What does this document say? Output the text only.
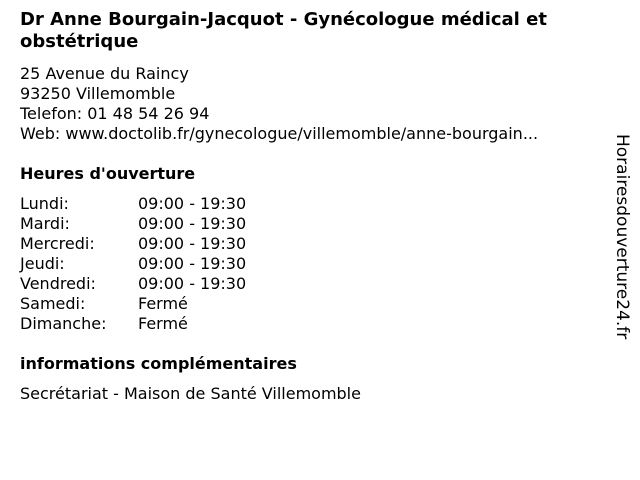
Dr Anne Bourgain-Jacquot - Gynécologue médical et obstétrique
25 Avenue du Raincy
93250 Villemomble
Telefon: 01 48 54 26 94
Web: www.doctolib.fr/gynecologue/villemomble/anne-bourgain...
Heures d'ouverture
Lundi:	09:00 - 19:30
Mardi:	09:00 - 19:30
Mercredi:	09:00 - 19:30
Jeudi:	09:00 - 19:30
Vendredi:	09:00 - 19:30
Samedi:	Fermé
Dimanche:	Fermé
informations complémentaires
Secrétariat - Maison de Santé Villemomble
Horairesdouverture24.fr
